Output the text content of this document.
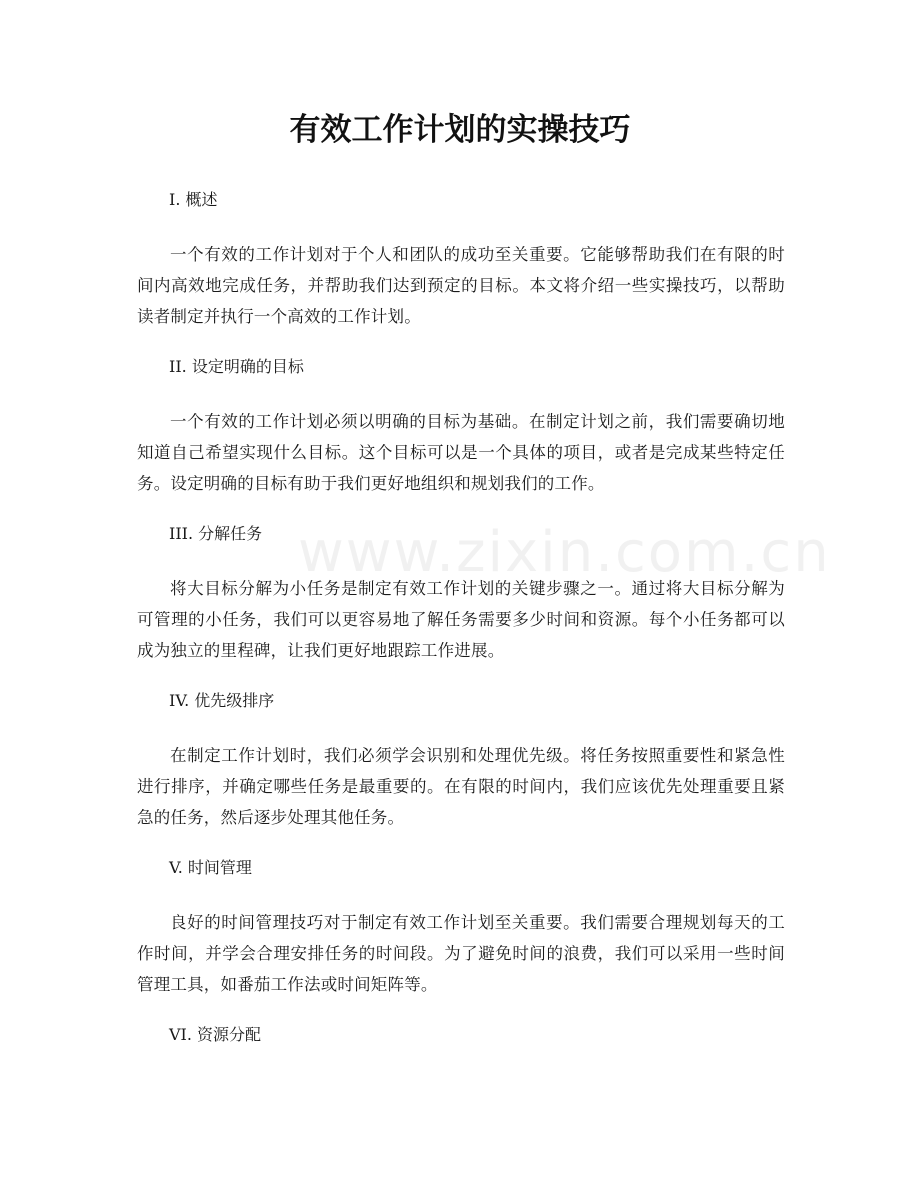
www.zixin.com.cn
有效工作计划的实操技巧

I. 概述

一个有效的工作计划对于个人和团队的成功至关重要。它能够帮助我们在有限的时间内高效地完成任务，并帮助我们达到预定的目标。本文将介绍一些实操技巧，以帮助读者制定并执行一个高效的工作计划。

II. 设定明确的目标

一个有效的工作计划必须以明确的目标为基础。在制定计划之前，我们需要确切地知道自己希望实现什么目标。这个目标可以是一个具体的项目，或者是完成某些特定任务。设定明确的目标有助于我们更好地组织和规划我们的工作。

III. 分解任务

将大目标分解为小任务是制定有效工作计划的关键步骤之一。通过将大目标分解为可管理的小任务，我们可以更容易地了解任务需要多少时间和资源。每个小任务都可以成为独立的里程碑，让我们更好地跟踪工作进展。

IV. 优先级排序

在制定工作计划时，我们必须学会识别和处理优先级。将任务按照重要性和紧急性进行排序，并确定哪些任务是最重要的。在有限的时间内，我们应该优先处理重要且紧急的任务，然后逐步处理其他任务。

V. 时间管理

良好的时间管理技巧对于制定有效工作计划至关重要。我们需要合理规划每天的工作时间，并学会合理安排任务的时间段。为了避免时间的浪费，我们可以采用一些时间管理工具，如番茄工作法或时间矩阵等。

VI. 资源分配
